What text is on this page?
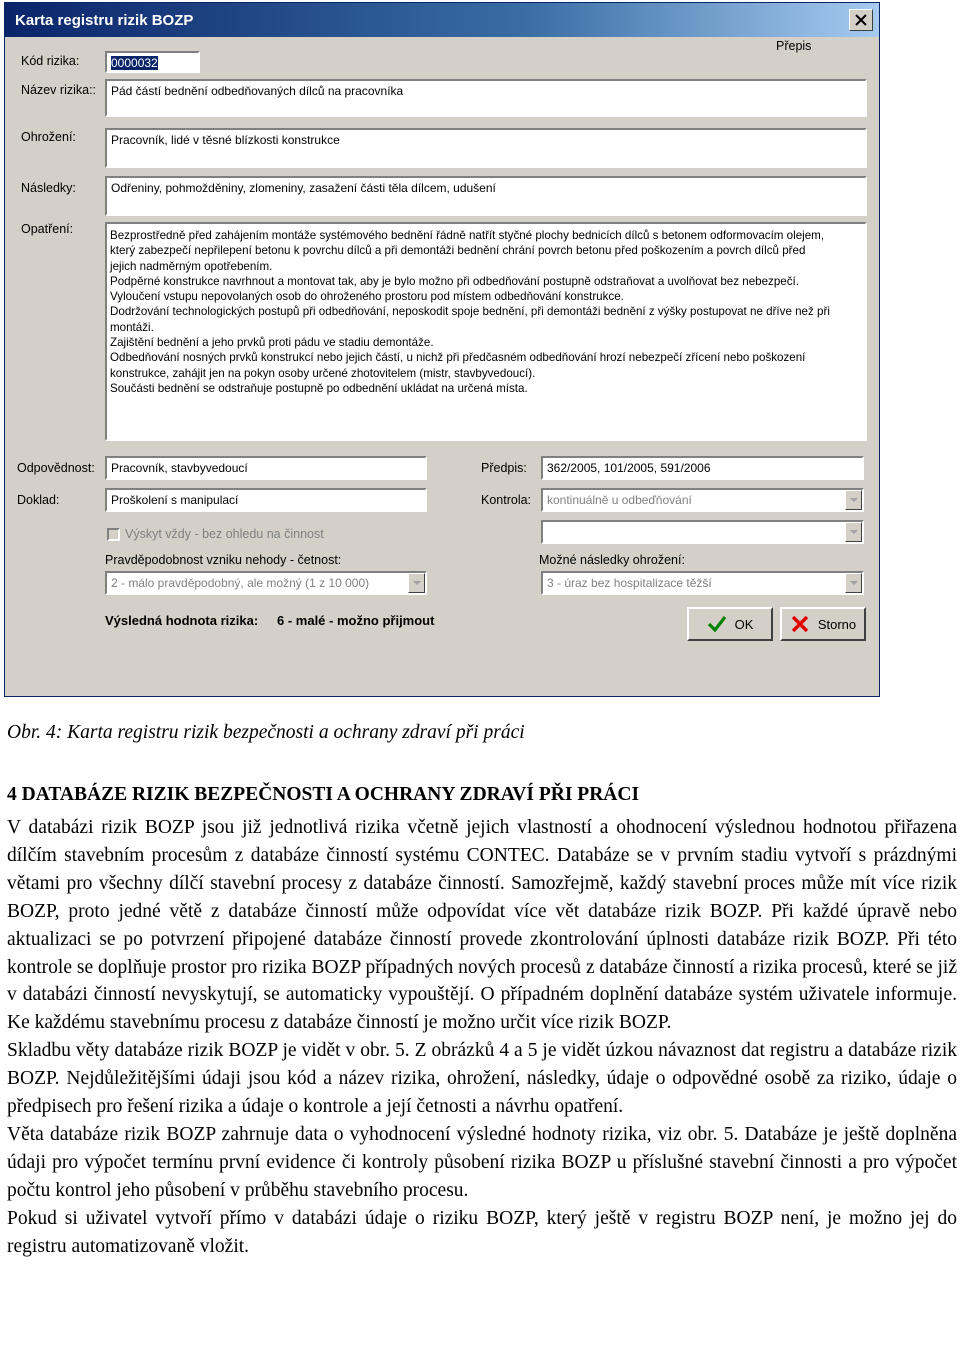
Karta registru rizik BOZP
Přepis
Kód rizika:	0000032
Název rizika::	Pád částí bednění odbedňovaných dílců na pracovníka
Ohrožení:	Pracovník, lidé v těsné blízkosti konstrukce
Následky:	Odřeniny, pohmožděniny, zlomeniny, zasažení části těla dílcem, udušení
Opatření:	Bezprostředně před zahájením montáže systémového bednění řádně natřít styčné plochy bednicích dílců s betonem odformovacím olejem,
který zabezpečí nepřilepení betonu k povrchu dílců a při demontáži bednění chrání povrch betonu před poškozením a povrch dílců před
jejich nadměrným opotřebením.
Podpěrné konstrukce navrhnout a montovat tak, aby je bylo možno při odbedňování postupně odstraňovat a uvolňovat bez nebezpečí.
Vyloučení vstupu nepovolaných osob do ohroženého prostoru pod místem odbedňování konstrukce.
Dodržování technologických postupů při odbedňování, neposkodit spoje bednění, při demontáži bednění z výšky postupovat ne dříve než při
montáži.
Zajištění bednění a jeho prvků proti pádu ve stadiu demontáže.
Odbedňování nosných prvků konstrukcí nebo jejich částí, u nichž při předčasném odbedňování hrozí nebezpečí zřícení nebo poškození
konstrukce, zahájit jen na pokyn osoby určené zhotovitelem (mistr, stavbyvedoucí).
Součásti bednění se odstraňuje postupně po odbednění ukládat na určená místa.
Odpovědnost:	Pracovník, stavbyvedoucí
Doklad:	Proškolení s manipulací
Předpis:	362/2005, 101/2005, 591/2006
Kontrola: kontinuálně u odbeďňování
Výskyt vždy - bez ohledu na činnost
Pravděpodobnost vzniku nehody - četnost:
2 - málo pravděpodobný, ale možný (1 z 10 000)
Možné následky ohrožení:
3 - úraz bez hospitalizace těžší
Výsledná hodnota rizika: 6 - malé - možno přijmout	OK	Storno
Obr. 4: Karta registru rizik bezpečnosti a ochrany zdraví při práci
4 DATABÁZE RIZIK BEZPEČNOSTI A OCHRANY ZDRAVÍ PŘI PRÁCI

V databázi rizik BOZP jsou již jednotlivá rizika včetně jejich vlastností a ohodnocení výslednou hodnotou přiřazena dílčím stavebním procesům z databáze činností systému CONTEC. Databáze se v prvním stadiu vytvoří s prázdnými větami pro všechny dílčí stavební procesy z databáze činností. Samozřejmě, každý stavební proces může mít více rizik BOZP, proto jedné větě z databáze činností může odpovídat více vět databáze rizik BOZP. Při každé úpravě nebo aktualizaci se po potvrzení připojené databáze činností provede zkontrolování úplnosti databáze rizik BOZP. Při této kontrole se doplňuje prostor pro rizika BOZP případných nových procesů z databáze činností a rizika procesů, které se již v databázi činností nevyskytují, se automaticky vypouštějí. O případném doplnění databáze systém uživatele informuje. Ke každému stavebnímu procesu z databáze činností je možno určit více rizik BOZP.

Skladbu věty databáze rizik BOZP je vidět v obr. 5. Z obrázků 4 a 5 je vidět úzkou návaznost dat registru a databáze rizik BOZP. Nejdůležitějšími údaji jsou kód a název rizika, ohrožení, následky, údaje o odpovědné osobě za riziko, údaje o předpisech pro řešení rizika a údaje o kontrole a její četnosti a návrhu opatření.

Věta databáze rizik BOZP zahrnuje data o vyhodnocení výsledné hodnoty rizika, viz obr. 5. Databáze je ještě doplněna údaji pro výpočet termínu první evidence či kontroly působení rizika BOZP u příslušné stavební činnosti a pro výpočet počtu kontrol jeho působení v průběhu stavebního procesu.

Pokud si uživatel vytvoří přímo v databázi údaje o riziku BOZP, který ještě v registru BOZP není, je možno jej do registru automatizovaně vložit.
